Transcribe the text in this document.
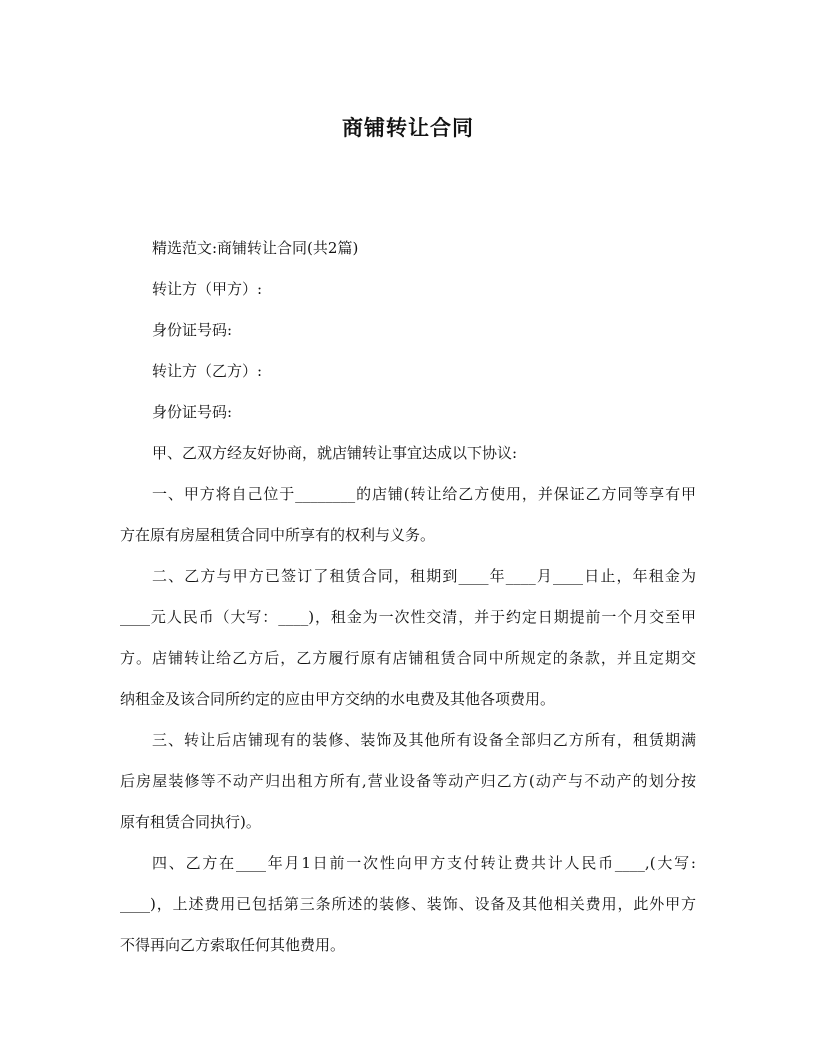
商铺转让合同
精选范文:商铺转让合同(共2篇)
转让方（甲方）:
身份证号码:
转让方（乙方）:
身份证号码:
甲、乙双方经友好协商，就店铺转让事宜达成以下协议:
一、甲方将自己位于________的店铺(转让给乙方使用，并保证乙方同等享有甲
方在原有房屋租赁合同中所享有的权利与义务。
二、乙方与甲方已签订了租赁合同，租期到____年____月____日止，年租金为
____元人民币（大写：____)，租金为一次性交清，并于约定日期提前一个月交至甲
方。店铺转让给乙方后，乙方履行原有店铺租赁合同中所规定的条款，并且定期交
纳租金及该合同所约定的应由甲方交纳的水电费及其他各项费用。
三、转让后店铺现有的装修、装饰及其他所有设备全部归乙方所有，租赁期满
后房屋装修等不动产归出租方所有,营业设备等动产归乙方(动产与不动产的划分按
原有租赁合同执行)。
四、乙方在____年月1日前一次性向甲方支付转让费共计人民币____,(大写:
____)，上述费用已包括第三条所述的装修、装饰、设备及其他相关费用，此外甲方
不得再向乙方索取任何其他费用。
